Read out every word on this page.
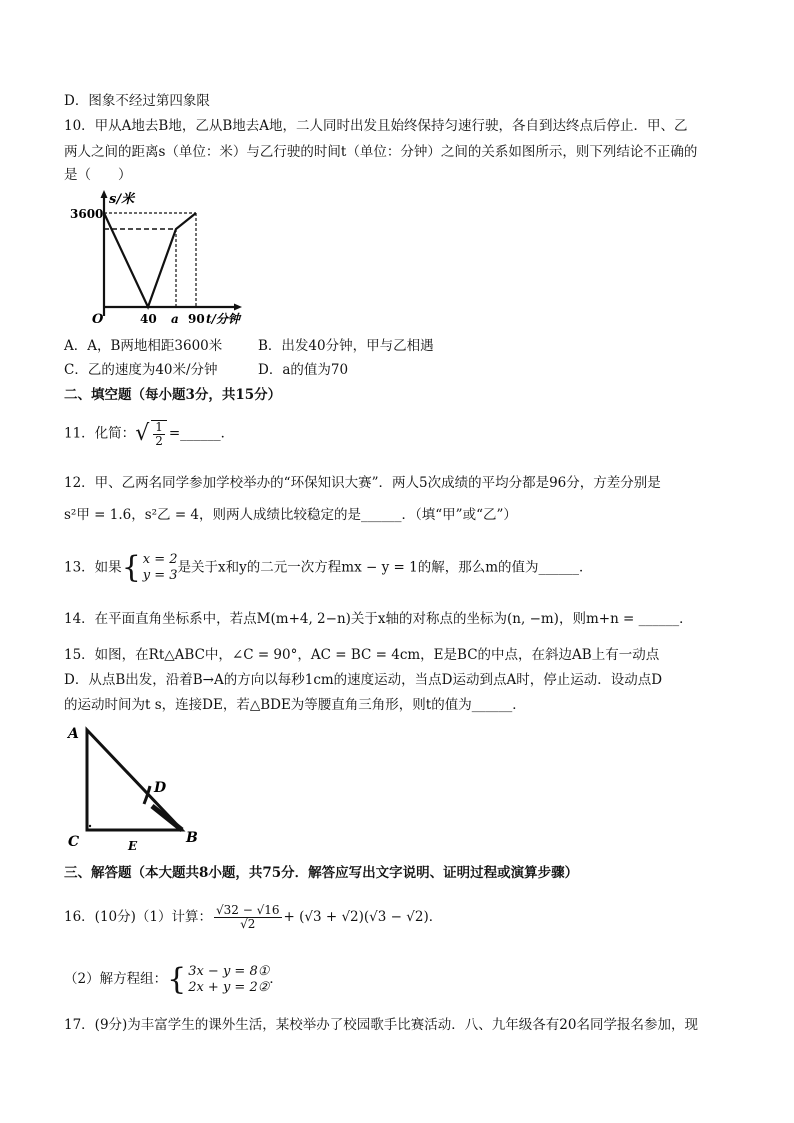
D．图象不经过第四象限
10．甲从A地去B地，乙从B地去A地，二人同时出发且始终保持匀速行驶，各自到达终点后停止．甲、乙
两人之间的距离s（单位：米）与乙行驶的时间t（单位：分钟）之间的关系如图所示，则下列结论不正确的
是（　　）
s/米
3600
O	40 a 90 t/分钟
A．A，B两地相距3600米	B．出发40分钟，甲与乙相遇
C．乙的速度为40米/分钟	D．a的值为70
二、填空题（每小题3分，共15分）
11．化简：√ $\frac{1}{2}$ =______．
12．甲、乙两名同学参加学校举办的“环保知识大赛”．两人5次成绩的平均分都是96分，方差分别是
s²甲 = 1.6，s²乙 = 4，则两人成绩比较稳定的是______．（填“甲”或“乙”）
13．如果 { x = 2
y = 3 是关于x和y的二元一次方程mx − y = 1的解，那么m的值为______．
14．在平面直角坐标系中，若点M(m+4, 2−n)关于x轴的对称点的坐标为(n, −m)，则m+n = ______．
15．如图，在Rt△ABC中，∠C = 90°，AC = BC = 4cm，E是BC的中点，在斜边AB上有一动点
D．从点B出发，沿着B→A的方向以每秒1cm的速度运动，当点D运动到点A时，停止运动．设动点D
的运动时间为t s，连接DE，若△BDE为等腰直角三角形，则t的值为______．
A
D
C	E	B
三、解答题（本大题共8小题，共75分．解答应写出文字说明、证明过程或演算步骤）
16．(10分)（1）计算： $\frac{√32 - √16}{√2} + (√3 + √2)(√3 - √2)$．
（2）解方程组： { 3x − y = 8①
2x + y = 2② ．
17．(9分)为丰富学生的课外生活，某校举办了校园歌手比赛活动．八、九年级各有20名同学报名参加，现
